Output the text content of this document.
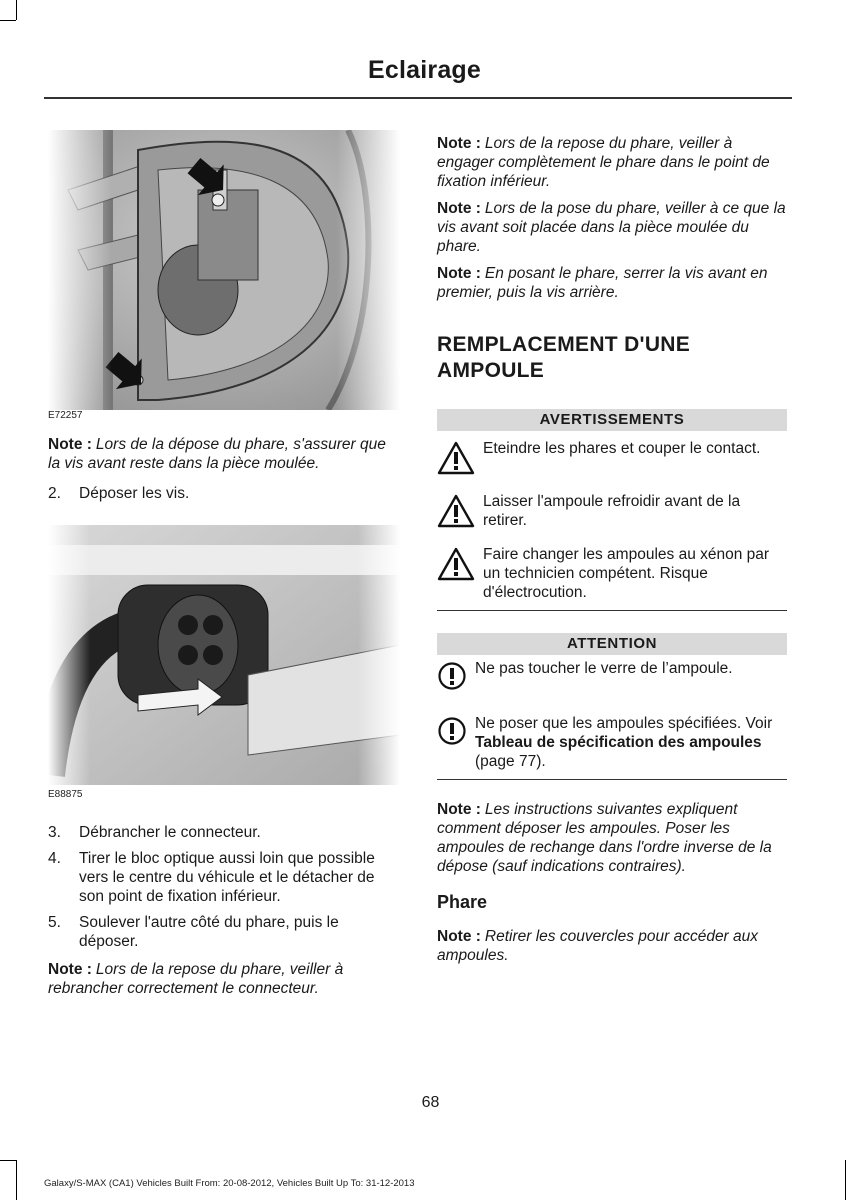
Eclairage
E72257

Note : Lors de la dépose du phare, s'assurer que la vis avant reste dans la pièce moulée.

2.	Déposer les vis.
E88875
3.	Débrancher le connecteur.
4.	Tirer le bloc optique aussi loin que possible vers le centre du véhicule et le détacher de son point de fixation inférieur.
5.	Soulever l'autre côté du phare, puis le déposer.

Note : Lors de la repose du phare, veiller à rebrancher correctement le connecteur.

Note : Lors de la repose du phare, veiller à engager complètement le phare dans le point de fixation inférieur.

Note : Lors de la pose du phare, veiller à ce que la vis avant soit placée dans la pièce moulée du phare.

Note : En posant le phare, serrer la vis avant en premier, puis la vis arrière.

REMPLACEMENT D'UNE
AMPOULE
AVERTISSEMENTS
Eteindre les phares et couper le contact.
Laisser l'ampoule refroidir avant de la retirer.
Faire changer les ampoules au xénon par un technicien compétent. Risque d'électrocution.
ATTENTION
Ne pas toucher le verre de l’ampoule.
Ne poser que les ampoules spécifiées. Voir Tableau de spécification des ampoules (page 77).

Note : Les instructions suivantes expliquent comment déposer les ampoules. Poser les ampoules de rechange dans l'ordre inverse de la dépose (sauf indications contraires).

Phare

Note : Retirer les couvercles pour accéder aux ampoules.

68
Galaxy/S-MAX (CA1) Vehicles Built From: 20-08-2012, Vehicles Built Up To: 31-12-2013
